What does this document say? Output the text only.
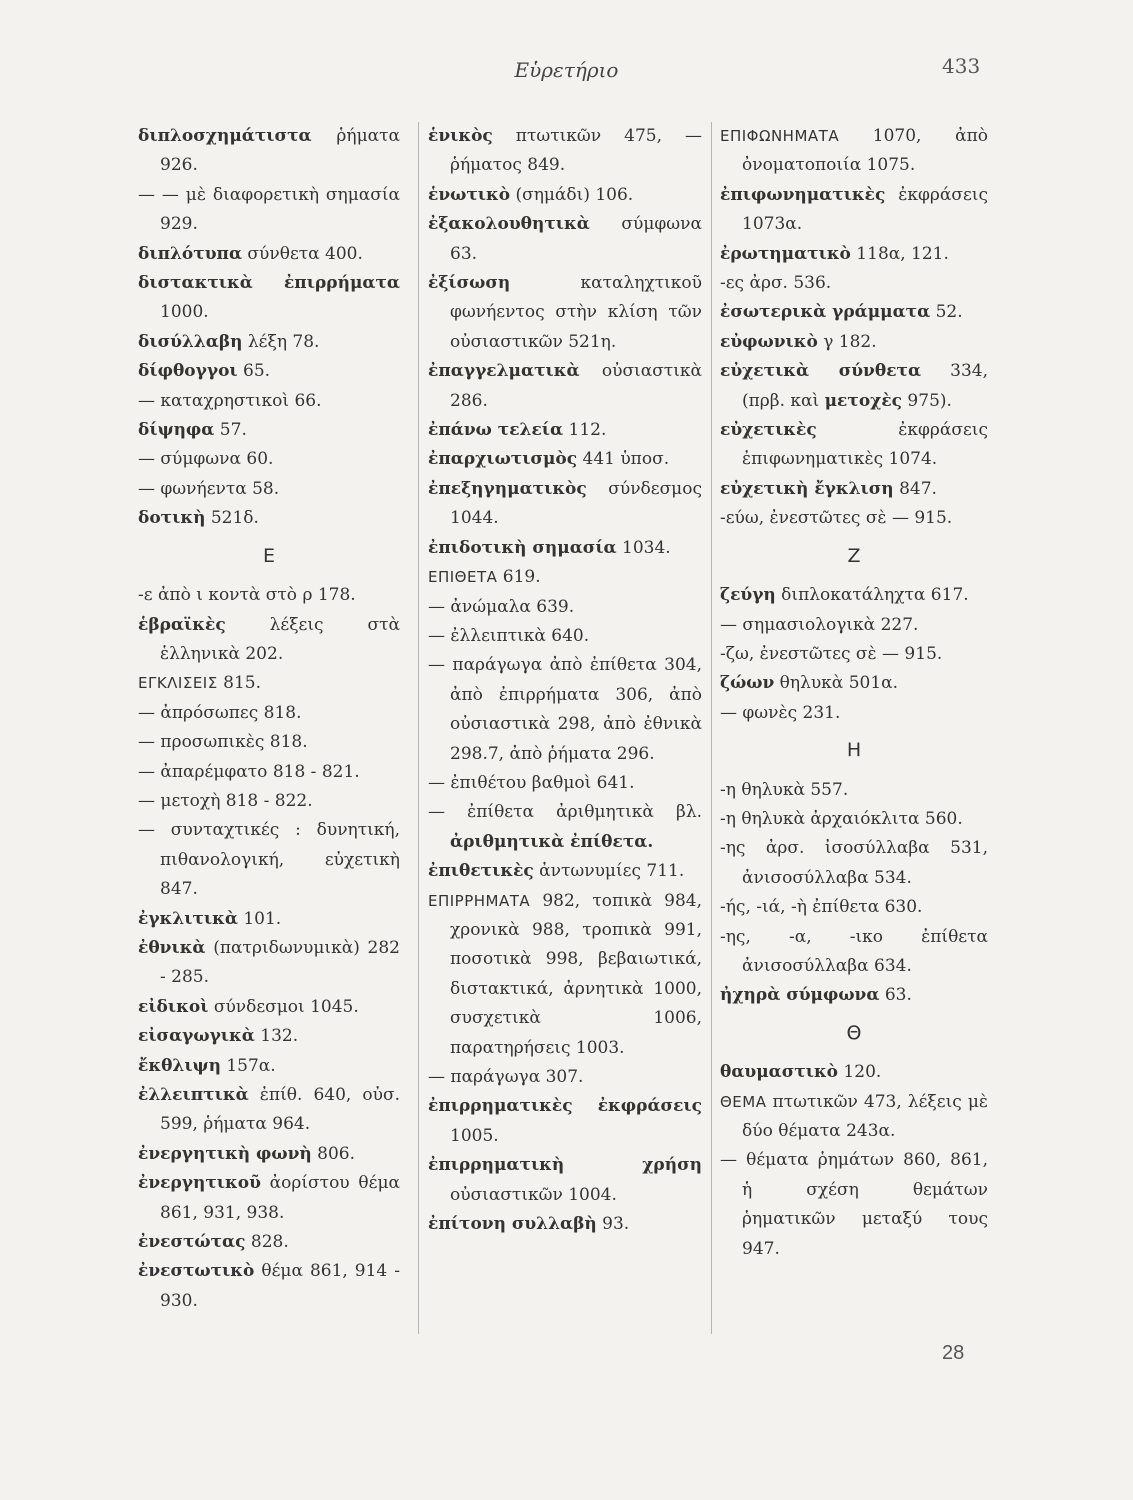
Εὑρετήριο	433
διπλοσχημάτιστα ῥήματα 926.
— — μὲ διαφορετικὴ σημασία 929.
διπλότυπα σύνθετα 400.
διστακτικὰ ἐπιρρήματα 1000.
δισύλλαβη λέξη 78.
δίφθογγοι 65.
— καταχρηστικοὶ 66.
δίψηφα 57.
— σύμφωνα 60.
— φωνήεντα 58.
δοτικὴ 521δ.
Ε
-ε ἀπὸ ι κοντὰ στὸ ρ 178.
ἑβραϊκὲς λέξεις στὰ ἑλληνικὰ 202.
ΕΓΚΛΙΣΕΙΣ 815.
— ἀπρόσωπες 818.
— προσωπικὲς 818.
— ἀπαρέμφατο 818 - 821.
— μετοχὴ 818 - 822.
— συνταχτικές : δυνητική, πιθανολογική, εὐχετικὴ 847.
ἐγκλιτικὰ 101.
ἐθνικὰ (πατριδωνυμικὰ) 282 - 285.
εἰδικοὶ σύνδεσμοι 1045.
εἰσαγωγικὰ 132.
ἔκθλιψη 157α.
ἐλλειπτικὰ ἐπίθ. 640, οὐσ. 599, ῥήματα 964.
ἐνεργητικὴ φωνὴ 806.
ἐνεργητικοῦ ἀορίστου θέμα 861, 931, 938.
ἐνεστώτας 828.
ἐνεστωτικὸ θέμα 861, 914 - 930.
ἑνικὸς πτωτικῶν 475, — ῥήματος 849.
ἑνωτικὸ (σημάδι) 106.
ἐξακολουθητικὰ σύμφωνα 63.
ἐξίσωση καταληχτικοῦ φωνήεντος στὴν κλίση τῶν οὐσιαστικῶν 521η.
ἐπαγγελματικὰ οὐσιαστικὰ 286.
ἐπάνω τελεία 112.
ἐπαρχιωτισμὸς 441 ὑποσ.
ἐπεξηγηματικὸς σύνδεσμος 1044.
ἐπιδοτικὴ σημασία 1034.
ΕΠΙΘΕΤΑ 619.
— ἀνώμαλα 639.
— ἐλλειπτικὰ 640.
— παράγωγα ἀπὸ ἐπίθετα 304, ἀπὸ ἐπιρρήματα 306, ἀπὸ οὐσιαστικὰ 298, ἀπὸ ἐθνικὰ 298.7, ἀπὸ ῥήματα 296.
— ἐπιθέτου βαθμοὶ 641.
— ἐπίθετα ἀριθμητικὰ βλ. ἀριθμητικὰ ἐπίθετα.
ἐπιθετικὲς ἀντωνυμίες 711.
ΕΠΙΡΡΗΜΑΤΑ 982, τοπικὰ 984, χρονικὰ 988, τροπικὰ 991, ποσοτικὰ 998, βεβαιωτικά, διστακτικά, ἀρνητικὰ 1000, συσχετικὰ 1006, παρατηρήσεις 1003.
— παράγωγα 307.
ἐπιρρηματικὲς ἐκφράσεις 1005.
ἐπιρρηματικὴ χρήση οὐσιαστικῶν 1004.
ἐπίτονη συλλαβὴ 93.
ΕΠΙΦΩΝΗΜΑΤΑ 1070, ἀπὸ ὀνοματοποιία 1075.
ἐπιφωνηματικὲς ἐκφράσεις 1073α.
ἐρωτηματικὸ 118α, 121.
-ες ἀρσ. 536.
ἐσωτερικὰ γράμματα 52.
εὐφωνικὸ γ 182.
εὐχετικὰ σύνθετα 334, (πρβ. καὶ μετοχὲς 975).
εὐχετικὲς ἐκφράσεις ἐπιφωνηματικὲς 1074.
εὐχετικὴ ἔγκλιση 847.
-εύω, ἐνεστῶτες σὲ — 915.
Ζ
ζεύγη διπλοκατάληχτα 617.
— σημασιολογικὰ 227.
-ζω, ἐνεστῶτες σὲ — 915.
ζώων θηλυκὰ 501α.
— φωνὲς 231.
Η
-η θηλυκὰ 557.
-η θηλυκὰ ἀρχαιόκλιτα 560.
-ης ἀρσ. ἰσοσύλλαβα 531, ἀνισοσύλλαβα 534.
-ής, -ιά, -ὴ ἐπίθετα 630.
-ης, -α, -ικο ἐπίθετα ἀνισοσύλλαβα 634.
ἠχηρὰ σύμφωνα 63.
Θ
θαυμαστικὸ 120.
ΘΕΜΑ πτωτικῶν 473, λέξεις μὲ δύο θέματα 243α.
— θέματα ῥημάτων 860, 861, ἡ σχέση θεμάτων ῥηματικῶν μεταξύ τους 947.
28
